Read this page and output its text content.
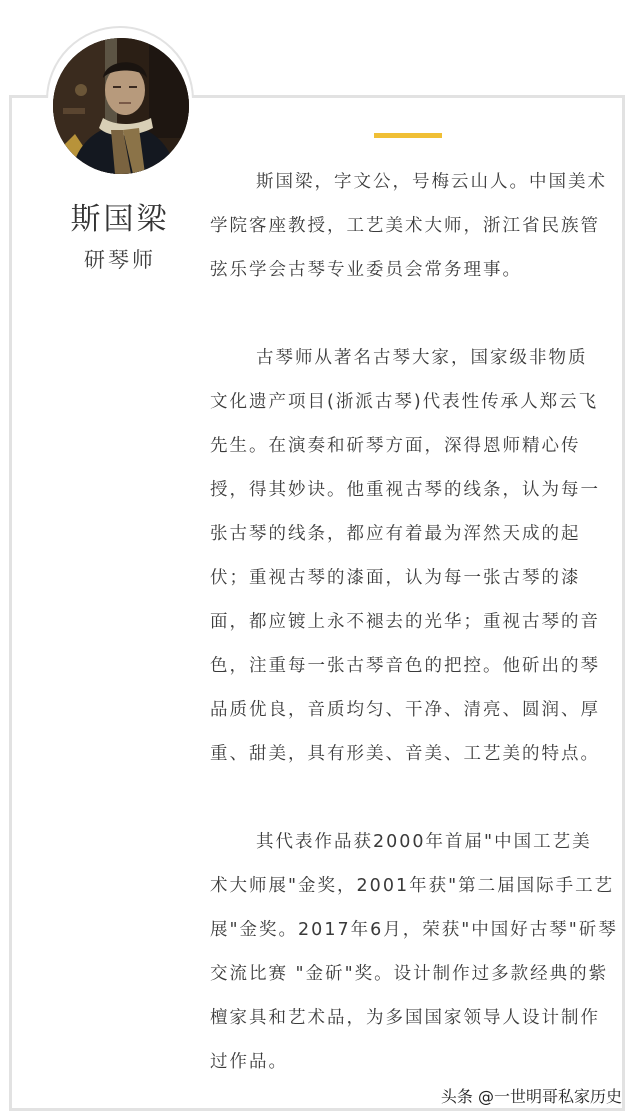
斯国梁
研琴师

斯国梁，字文公，号梅云山人。中国美术
学院客座教授，工艺美术大师，浙江省民族管
弦乐学会古琴专业委员会常务理事。

古琴师从著名古琴大家，国家级非物质
文化遗产项目(浙派古琴)代表性传承人郑云飞
先生。在演奏和斫琴方面，深得恩师精心传
授，得其妙诀。他重视古琴的线条，认为每一
张古琴的线条，都应有着最为浑然天成的起
伏；重视古琴的漆面，认为每一张古琴的漆
面，都应镀上永不褪去的光华；重视古琴的音
色，注重每一张古琴音色的把控。他斫出的琴
品质优良，音质均匀、干净、清亮、圆润、厚
重、甜美，具有形美、音美、工艺美的特点。

其代表作品获2000年首届"中国工艺美
术大师展"金奖，2001年获"第二届国际手工艺
展"金奖。2017年6月，荣获"中国好古琴"斫琴
交流比赛 "金斫"奖。设计制作过多款经典的紫
檀家具和艺术品，为多国国家领导人设计制作
过作品。

头条 @一世明哥私家历史
